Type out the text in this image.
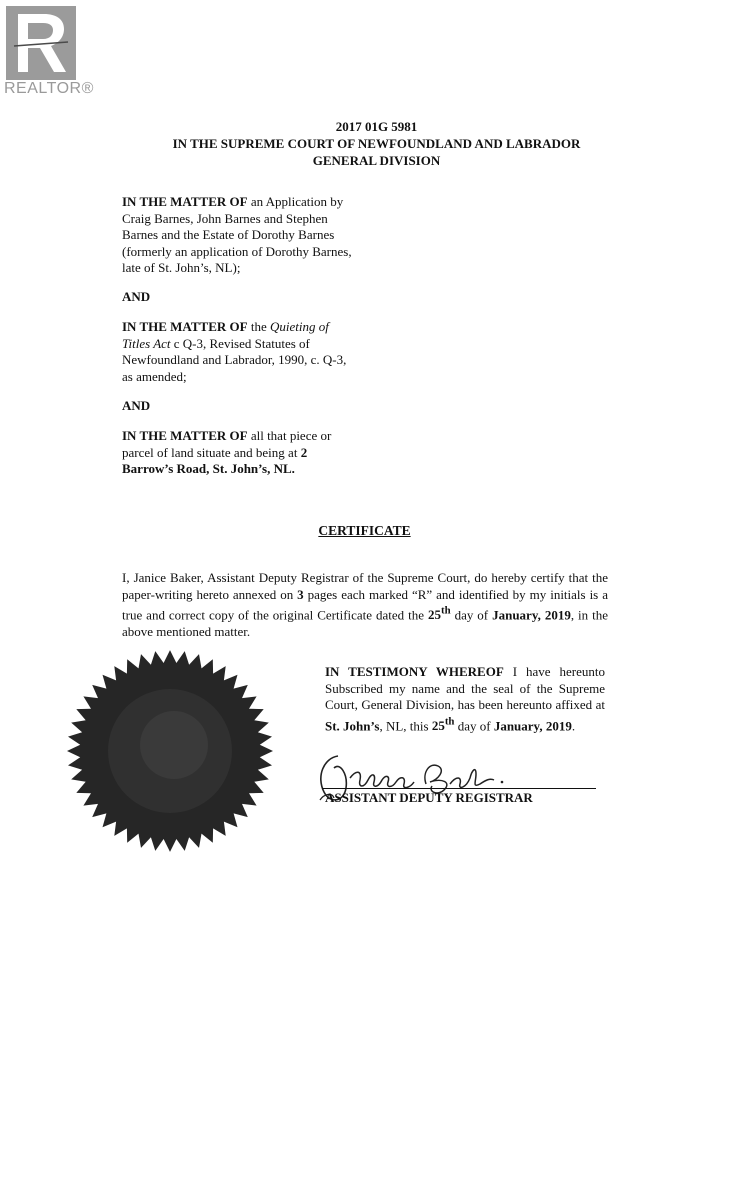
REALTOR®
2017 01G 5981
IN THE SUPREME COURT OF NEWFOUNDLAND AND LABRADOR
GENERAL DIVISION
IN THE MATTER OF an Application by
Craig Barnes, John Barnes and Stephen
Barnes and the Estate of Dorothy Barnes
(formerly an application of Dorothy Barnes,
late of St. John’s, NL);
AND
IN THE MATTER OF the Quieting of
Titles Act c Q-3, Revised Statutes of
Newfoundland and Labrador, 1990, c. Q-3,
as amended;
AND
IN THE MATTER OF all that piece or
parcel of land situate and being at 2
Barrow’s Road, St. John’s, NL.
CERTIFICATE
I, Janice Baker, Assistant Deputy Registrar of the Supreme Court, do hereby certify that the paper-writing hereto annexed on 3 pages each marked “R” and identified by my initials is a true and correct copy of the original Certificate dated the 25th day of January, 2019, in the above mentioned matter.
IN TESTIMONY WHEREOF I have hereunto Subscribed my name and the seal of the Supreme Court, General Division, has been hereunto affixed at St. John’s, NL, this 25th day of January, 2019.
ASSISTANT DEPUTY REGISTRAR
